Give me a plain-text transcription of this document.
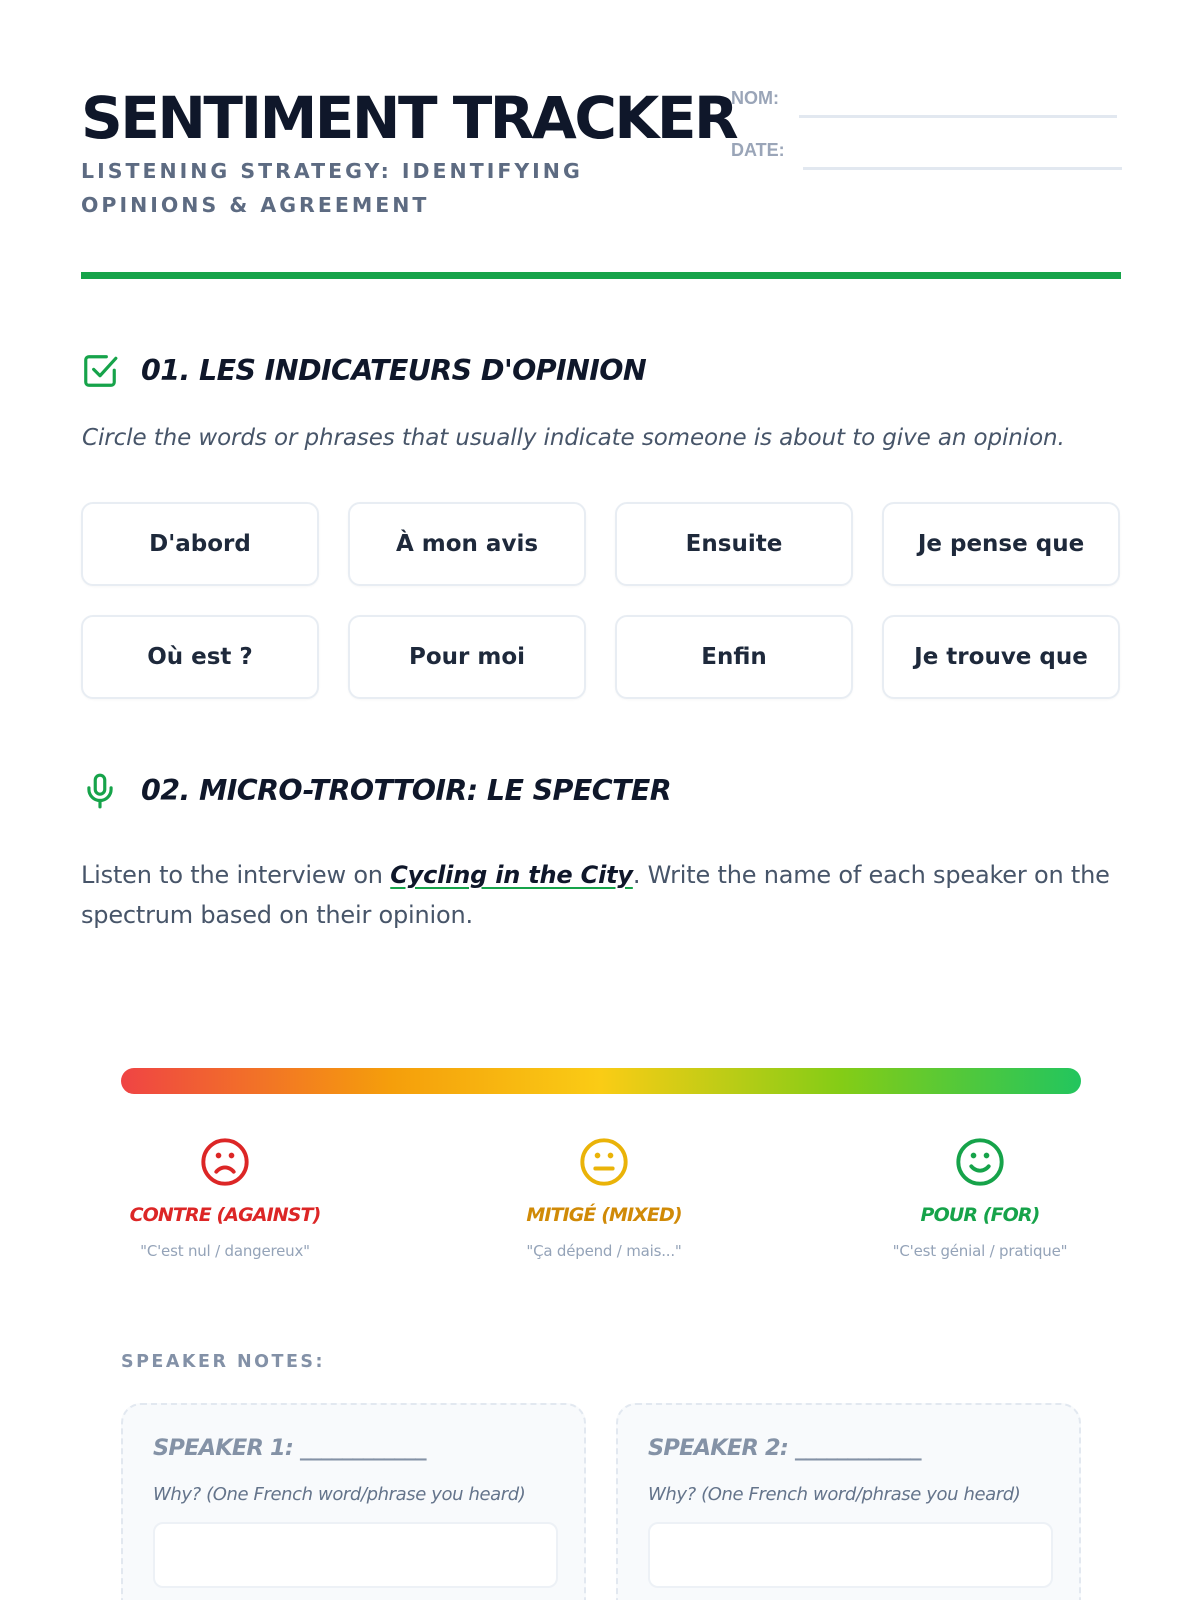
SENTIMENT TRACKER
LISTENING STRATEGY: IDENTIFYING OPINIONS & AGREEMENT
NOM:
DATE:
01. LES INDICATEURS D'OPINION
Circle the words or phrases that usually indicate someone is about to give an opinion.
D'abord	À mon avis	Ensuite	Je pense que
Où est ?	Pour moi	Enfin	Je trouve que
02. MICRO-TROTTOIR: LE SPECTER
Listen to the interview on Cycling in the City. Write the name of each speaker on the spectrum based on their opinion.
CONTRE (AGAINST)
"C'est nul / dangereux"
MITIGÉ (MIXED)
"Ça dépend / mais..."
POUR (FOR)
"C'est génial / pratique"
SPEAKER NOTES:
SPEAKER 1: ____________
Why? (One French word/phrase you heard)
SPEAKER 2: ____________
Why? (One French word/phrase you heard)
